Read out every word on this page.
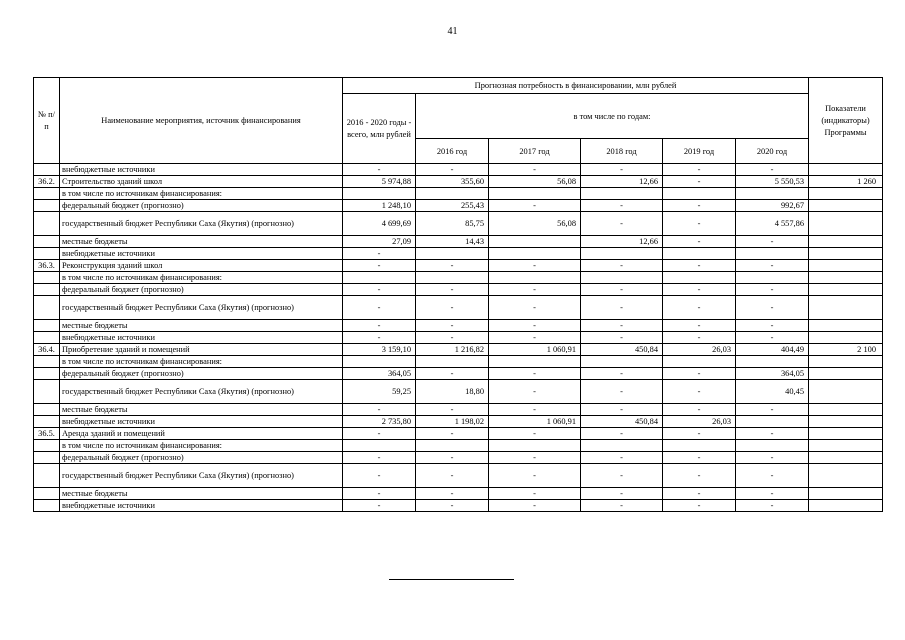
41
№ п/п	Наименование мероприятия, источник финансирования	Прогнозная потребность в финансировании, млн рублей						Показатели (индикаторы) Программы
		2016 - 2020 годы - всего, млн рублей	в том числе по годам:					
			2016 год	2017 год	2018 год	2019 год	2020 год	
	внебюджетные источники	-	-	-	-	-	-	
36.2.	Строительство зданий школ	5 974,88	355,60	56,08	12,66	-	5 550,53	1 260
	в том числе по источникам финансирования:							
	федеральный бюджет (прогнозно)	1 248,10	255,43	-	-	-	992,67	
	государственный бюджет Республики Саха (Якутия) (прогнозно)	4 699,69	85,75	56,08	-	-	4 557,86	
	местные бюджеты	27,09	14,43		12,66	-	-	
	внебюджетные источники	-						
36.3.	Реконструкция зданий школ	-	-	-	-	-	-	
	в том числе по источникам финансирования:							
	федеральный бюджет (прогнозно)	-	-	-	-	-	-	
	государственный бюджет Республики Саха (Якутия) (прогнозно)	-	-	-	-	-	-	
	местные бюджеты	-	-	-	-	-	-	
	внебюджетные источники	-	-	-	-	-	-	
36.4.	Приобретение зданий и помещений	3 159,10	1 216,82	1 060,91	450,84	26,03	404,49	2 100
	в том числе по источникам финансирования:							
	федеральный бюджет (прогнозно)	364,05	-	-	-	-	364,05	
	государственный бюджет Республики Саха (Якутия) (прогнозно)	59,25	18,80	-	-	-	40,45	
	местные бюджеты	-	-	-	-	-	-	
	внебюджетные источники	2 735,80	1 198,02	1 060,91	450,84	26,03		
36.5.	Аренда зданий и помещений	-	-	-	-	-	-	
	в том числе по источникам финансирования:							
	федеральный бюджет (прогнозно)	-	-	-	-	-	-	
	государственный бюджет Республики Саха (Якутия) (прогнозно)	-	-	-	-	-	-	
	местные бюджеты	-	-	-	-	-	-	
	внебюджетные источники	-	-	-	-	-	-	
